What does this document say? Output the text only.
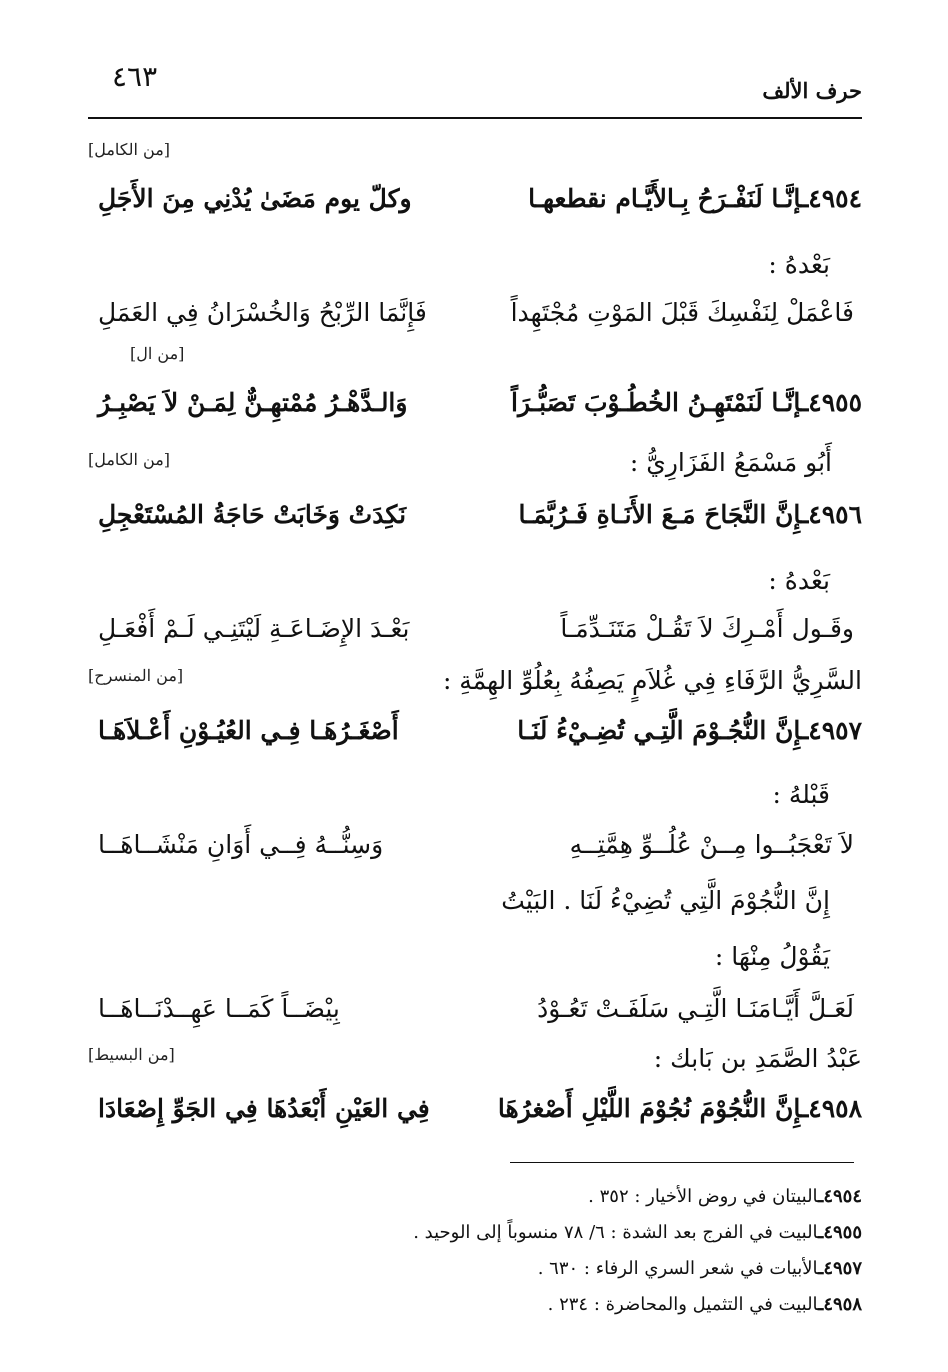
٤٦٣	حرف الألف
[من الكامل]
[من ال]
[من الكامل]
[من المنسرح]
[من البسيط]
٤٩٥٤ـإنَّـا لَنَفْـرَحُ بِـالأَيَّـام نقطعهـا
وكلّ يوم مَضَىٰ يُدْنِي مِنَ الأَجَلِ
بَعْدهُ :
فَاعْمَلْ لِنَفْسِكَ قَبْلَ المَوْتِ مُجْتَهِداً
فَإِنَّمَا الرِّبْحُ وَالخُسْرَانُ فِي العَمَلِ
٤٩٥٥ـإنَّـا لَنَمْتَهِـنُ الخُطُـوْبَ تَصَبُّـرَاً
وَالـدَّهْـرُ مُمْتهِـنٌّ لِمَـنْ لاَ يَصْبِـرُ
أَبُو مَسْمَعُ الفَزَارِيُّ :
٤٩٥٦ـإِنَّ النَّجَاحَ مَـعَ الأَنَـاةِ فَـرُبَّمَـا
نَكِدَتْ وَخَابَتْ حَاجَةُ المُسْتَعْجِلِ
بَعْدهُ :
وقَـول أَمْـرِكَ لاَ تَقُـلْ مَتَنَـدِّمَـاً
بَعْـدَ الإِضَـاعَـةِ لَيْتَنِـي لَـمْ أَفْعَـلِ
السَّرِيُّ الرَّفَاءِ فِي غُلاَمٍ يَصِفُهُ بِعُلُوِّ الهِمَّةِ :
٤٩٥٧ـإِنَّ النُّجُـوْمَ الَّتِـي تُضِـيْءُ لَنَـا
أَصْغَـرُهَـا فِـي العُيُـوْنِ أَعْـلاَهَـا
قَبْلهُ :
لاَ تَعْجَبُــوا مِــنْ عُلُــوِّ هِمَّتِــهِ
وَسِنُّــهُ فِــي أَوَانِ مَنْشَــاهَــا
إِنَّ النُّجُوْمَ الَّتِي تُضِيْءُ لَنَا . البَيْتُ
يَقُوْلُ مِنْهَا :
لَعَـلَّ أَيَّـامَنَـا الَّتِـي سَلَفَـتْ تَعُـوْدُ
بِيْضَــاً كَمَــا عَهِــدْنَــاهَــا
عَبْدُ الصَّمَدِ بن بَابك :
٤٩٥٨ـإِنَّ النُّجُوْمَ نُجُوْمَ اللَّيْلِ أَصْغرُهَا
فِي العَيْنِ أَبْعَدُهَا فِي الجَوِّ إِصْعَادَا
٤٩٥٤ـالبيتان في روض الأخيار : ٣٥٢ .
٤٩٥٥ـالبيت في الفرج بعد الشدة : ٦/ ٧٨ منسوباً إلى الوحيد .
٤٩٥٧ـالأبيات في شعر السري الرفاء : ٦٣٠ .
٤٩٥٨ـالبيت في التثميل والمحاضرة : ٢٣٤ .
